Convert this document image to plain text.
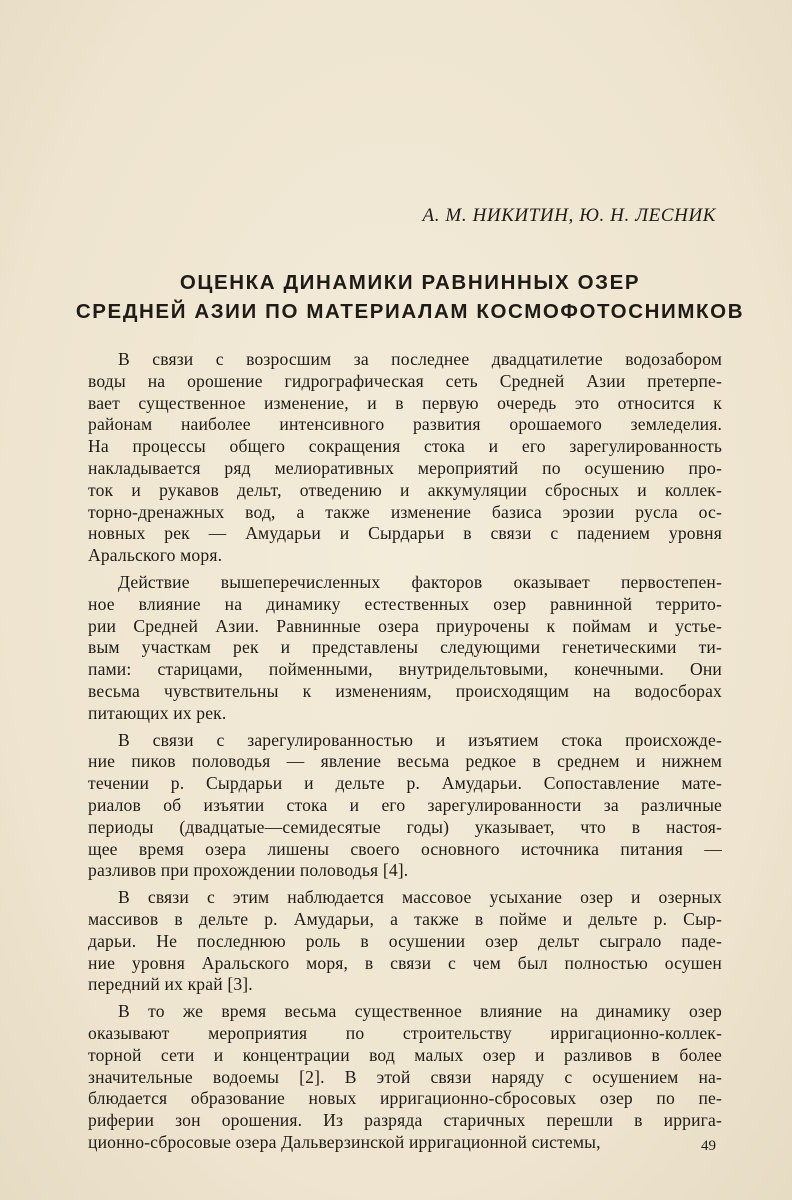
А. М. НИКИТИН, Ю. Н. ЛЕСНИК
ОЦЕНКА ДИНАМИКИ РАВНИННЫХ ОЗЕР
СРЕДНЕЙ АЗИИ ПО МАТЕРИАЛАМ КОСМОФОТОСНИМКОВ
В связи с возросшим за последнее двадцатилетие водозабором
воды на орошение гидрографическая сеть Средней Азии претерпе-
вает существенное изменение, и в первую очередь это относится к
районам наиболее интенсивного развития орошаемого земледелия.
На процессы общего сокращения стока и его зарегулированность
накладывается ряд мелиоративных мероприятий по осушению про-
ток и рукавов дельт, отведению и аккумуляции сбросных и коллек-
торно-дренажных вод, а также изменение базиса эрозии русла ос-
новных рек — Амударьи и Сырдарьи в связи с падением уровня
Аральского моря.
Действие вышеперечисленных факторов оказывает первостепен-
ное влияние на динамику естественных озер равнинной террито-
рии Средней Азии. Равнинные озера приурочены к поймам и устье-
вым участкам рек и представлены следующими генетическими ти-
пами: старицами, пойменными, внутридельтовыми, конечными. Они
весьма чувствительны к изменениям, происходящим на водосборах
питающих их рек.
В связи с зарегулированностью и изъятием стока происхожде-
ние пиков половодья — явление весьма редкое в среднем и нижнем
течении р. Сырдарьи и дельте р. Амударьи. Сопоставление мате-
риалов об изъятии стока и его зарегулированности за различные
периоды (двадцатые—семидесятые годы) указывает, что в настоя-
щее время озера лишены своего основного источника питания —
разливов при прохождении половодья [4].
В связи с этим наблюдается массовое усыхание озер и озерных
массивов в дельте р. Амударьи, а также в пойме и дельте р. Сыр-
дарьи. Не последнюю роль в осушении озер дельт сыграло паде-
ние уровня Аральского моря, в связи с чем был полностью осушен
передний их край [3].
В то же время весьма существенное влияние на динамику озер
оказывают мероприятия по строительству ирригационно-коллек-
торной сети и концентрации вод малых озер и разливов в более
значительные водоемы [2]. В этой связи наряду с осушением на-
блюдается образование новых ирригационно-сбросовых озер по пе-
риферии зон орошения. Из разряда старичных перешли в ирригa-
ционно-сбросовые озера Дальверзинской ирригационной системы,	49
